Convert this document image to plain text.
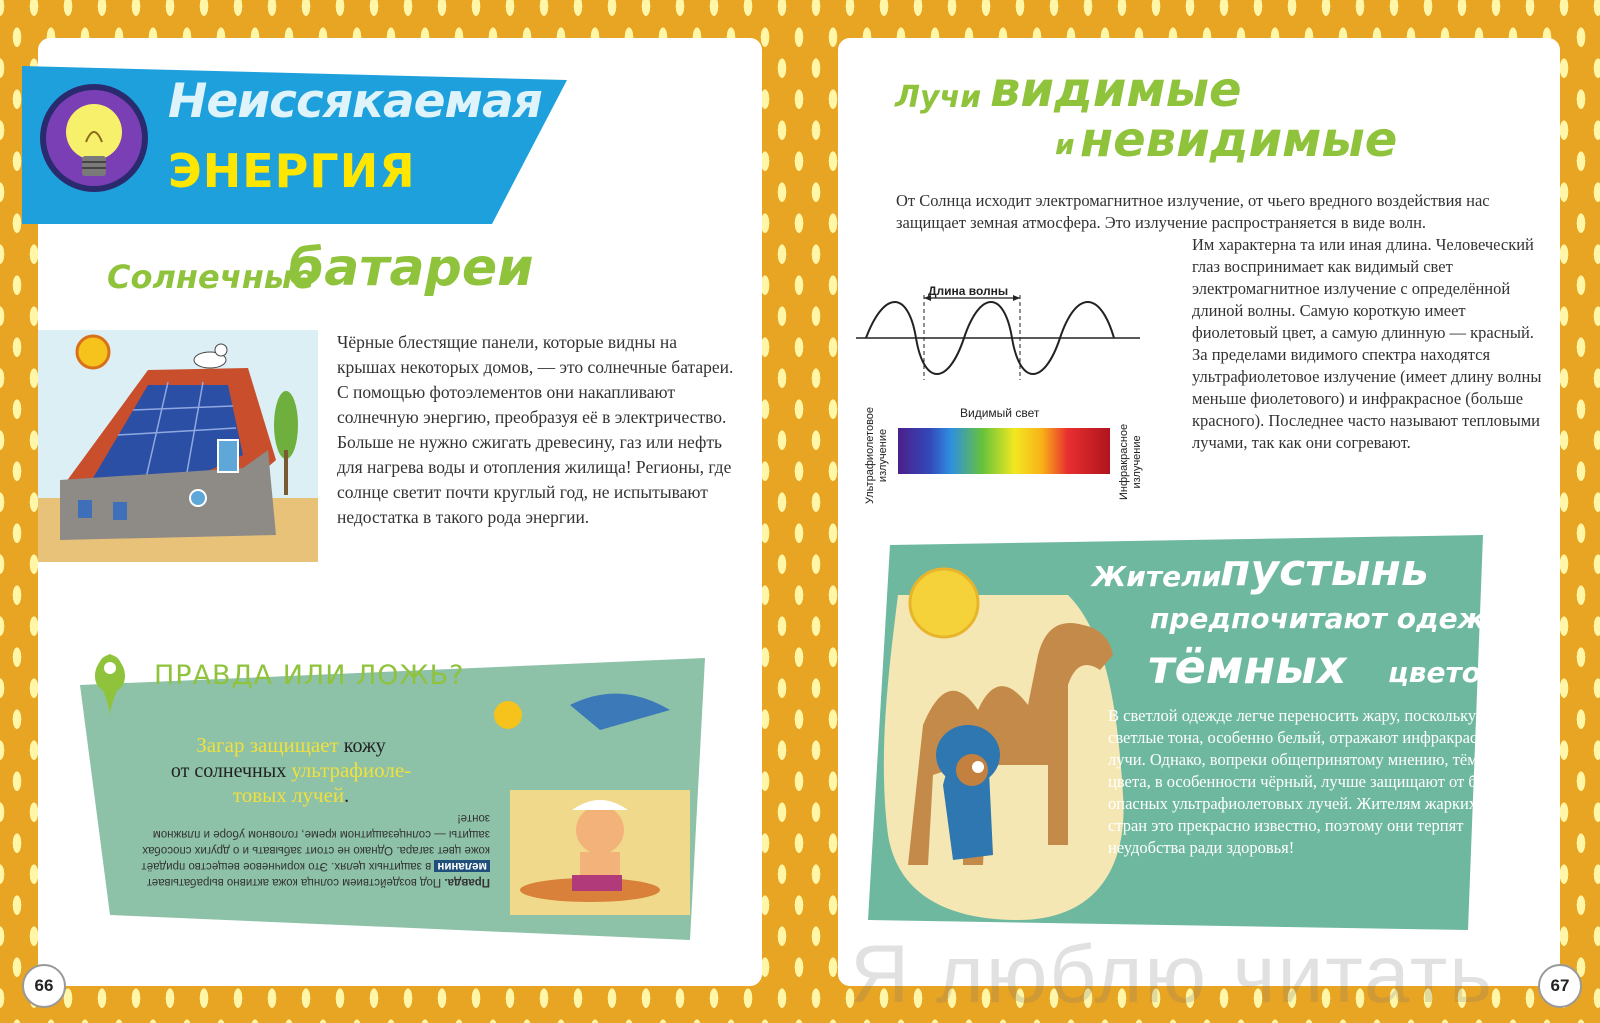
Неиссякаемая
ЭНЕРГИЯ
Солнечные
батареи

Чёрные блестящие панели, которые видны на крышах некоторых домов, — это солнечные батареи. С помощью фотоэлементов они накапливают солнечную энергию, преобразуя её в электричество. Больше не нужно сжигать древесину, газ или нефть для нагрева воды и отопления жилища! Регионы, где солнце светит почти круглый год, не испытывают недостатка в такого рода энергии.

ПРАВДА ИЛИ ЛОЖЬ?
Загар защищает кожу
от солнечных ультрафиоле-
товых лучей.

Правда. Под воздействием солнца кожа активно вырабатывает меланин в защитных целях. Это коричневое вещество придаёт коже цвет загара. Однако не стоит забывать и о других способах защиты — солнцезащитном креме, головном уборе и пляжном зонте!

66
Лучи видимые
и невидимые

От Солнца исходит электромагнитное излучение, от чьего вредного воздействия нас защищает земная атмосфера. Это излучение распространяется в виде волн.

Им характерна та или иная длина. Человеческий глаз воспринимает как видимый свет электромагнитное излучение с определённой длиной волны. Самую короткую имеет фиолетовый цвет, а самую длинную — красный. За пределами видимого спектра находятся ультрафиолетовое излучение (имеет длину волны меньше фиолетового) и инфракрасное (больше красного). Последнее часто называют тепловыми лучами, так как они согревают.

Длина волны
Видимый свет
Ультрафиолетовое
излучение	Инфракрасное
излучение
Жители
пустынь
предпочитают одежду
тёмных цветов!

В светлой одежде легче переносить жару, поскольку светлые тона, особенно белый, отражают инфракрасные лучи. Однако, вопреки общепринятому мнению, тёмные цвета, в особенности чёрный, лучше защищают от более опасных ультрафиолетовых лучей. Жителям жарких стран это прекрасно известно, поэтому они терпят неудобства ради здоровья!

67
Я люблю читать
